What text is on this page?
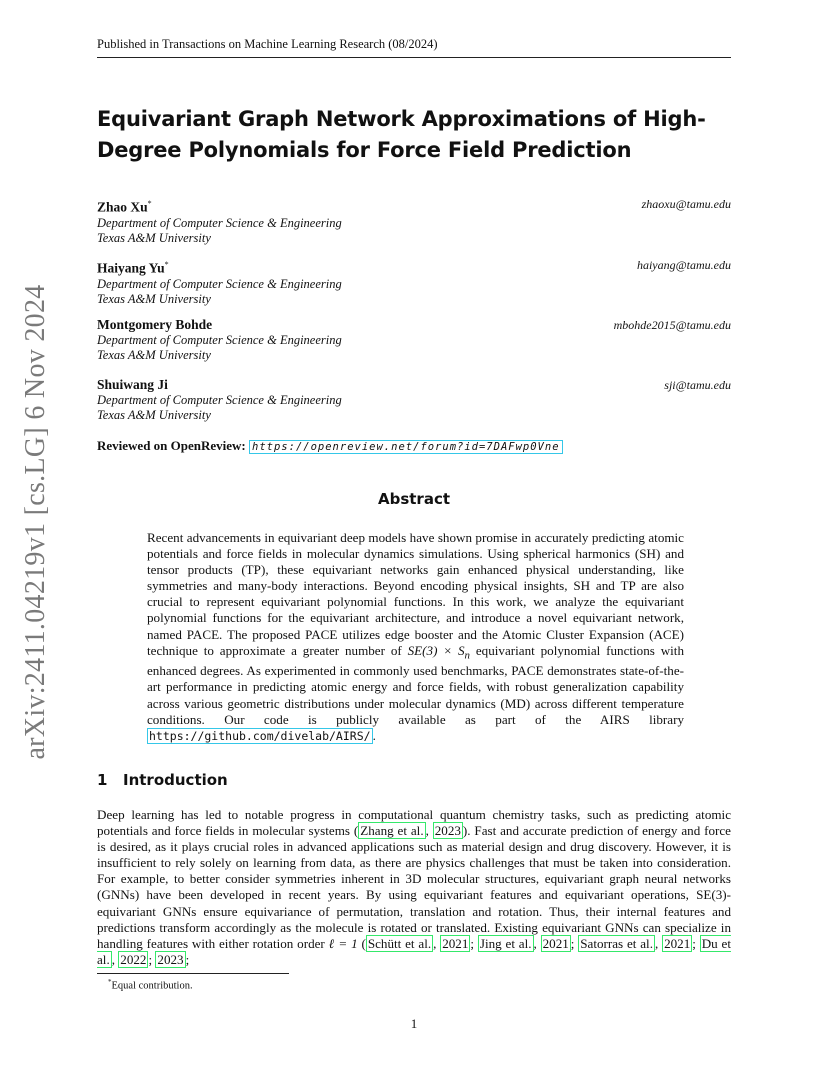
Published in Transactions on Machine Learning Research (08/2024)
arXiv:2411.04219v1 [cs.LG] 6 Nov 2024
Equivariant Graph Network Approximations of High-Degree Polynomials for Force Field Prediction
Zhao Xu*	zhaoxu@tamu.edu
Department of Computer Science & Engineering
Texas A&M University
Haiyang Yu*	haiyang@tamu.edu
Department of Computer Science & Engineering
Texas A&M University
Montgomery Bohde	mbohde2015@tamu.edu
Department of Computer Science & Engineering
Texas A&M University
Shuiwang Ji	sji@tamu.edu
Department of Computer Science & Engineering
Texas A&M University
Reviewed on OpenReview: https://openreview.net/forum?id=7DAFwp0Vne
Abstract
Recent advancements in equivariant deep models have shown promise in accurately predicting atomic potentials and force fields in molecular dynamics simulations. Using spherical harmonics (SH) and tensor products (TP), these equivariant networks gain enhanced physical understanding, like symmetries and many-body interactions. Beyond encoding physical insights, SH and TP are also crucial to represent equivariant polynomial functions. In this work, we analyze the equivariant polynomial functions for the equivariant architecture, and introduce a novel equivariant network, named PACE. The proposed PACE utilizes edge booster and the Atomic Cluster Expansion (ACE) technique to approximate a greater number of $SE(3) \times S_n$ equivariant polynomial functions with enhanced degrees. As experimented in commonly used benchmarks, PACE demonstrates state-of-the-art performance in predicting atomic energy and force fields, with robust generalization capability across various geometric distributions under molecular dynamics (MD) across different temperature conditions. Our code is publicly available as part of the AIRS library https://github.com/divelab/AIRS/ .
1 Introduction
Deep learning has led to notable progress in computational quantum chemistry tasks, such as predicting atomic potentials and force fields in molecular systems ( Zhang et al. , 2023 ). Fast and accurate prediction of energy and force is desired, as it plays crucial roles in advanced applications such as material design and drug discovery. However, it is insufficient to rely solely on learning from data, as there are physics challenges that must be taken into consideration. For example, to better consider symmetries inherent in 3D molecular structures, equivariant graph neural networks (GNNs) have been developed in recent years. By using equivariant features and equivariant operations, SE(3)-equivariant GNNs ensure equivariance of permutation, translation and rotation. Thus, their internal features and predictions transform accordingly as the molecule is rotated or translated. Existing equivariant GNNs can specialize in handling features with either rotation order ℓ = 1 ( Schütt et al. , 2021 ; Jing et al. , 2021 ; Satorras et al. , 2021 ; Du et al. , 2022 ; 2023 ;
*Equal contribution.
1
